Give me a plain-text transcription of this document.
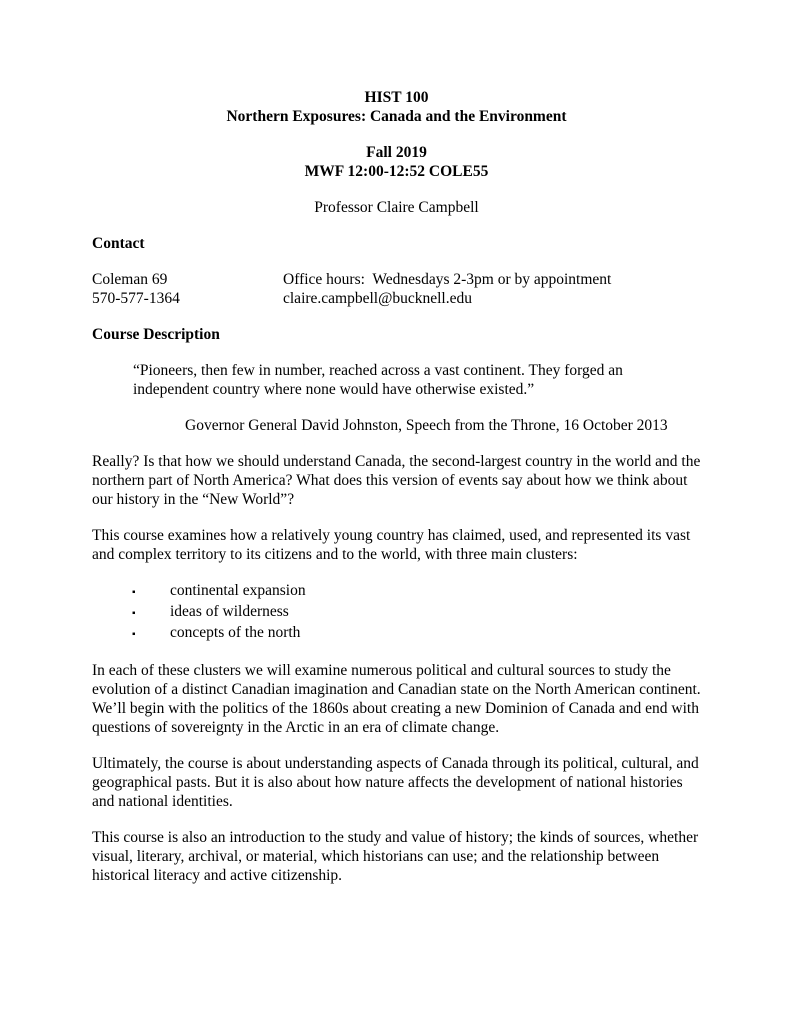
HIST 100
Northern Exposures: Canada and the Environment
Fall 2019
MWF 12:00-12:52 COLE55
Professor Claire Campbell
Contact
Coleman 69	Office hours:  Wednesdays 2-3pm or by appointment
570-577-1364	claire.campbell@bucknell.edu
Course Description
“Pioneers, then few in number, reached across a vast continent. They forged an independent country where none would have otherwise existed.”
Governor General David Johnston, Speech from the Throne, 16 October 2013
Really? Is that how we should understand Canada, the second-largest country in the world and the northern part of North America? What does this version of events say about how we think about our history in the “New World”?
This course examines how a relatively young country has claimed, used, and represented its vast and complex territory to its citizens and to the world, with three main clusters:
▪	continental expansion
▪	ideas of wilderness
▪	concepts of the north
In each of these clusters we will examine numerous political and cultural sources to study the evolution of a distinct Canadian imagination and Canadian state on the North American continent. We’ll begin with the politics of the 1860s about creating a new Dominion of Canada and end with questions of sovereignty in the Arctic in an era of climate change.
Ultimately, the course is about understanding aspects of Canada through its political, cultural, and geographical pasts. But it is also about how nature affects the development of national histories and national identities.
This course is also an introduction to the study and value of history; the kinds of sources, whether visual, literary, archival, or material, which historians can use; and the relationship between historical literacy and active citizenship.
